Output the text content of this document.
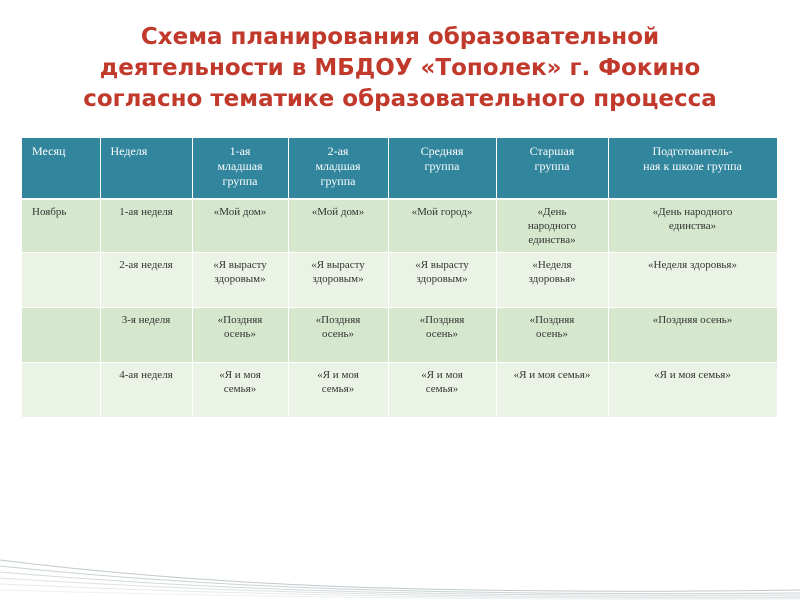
Схема планирования образовательной
деятельности в МБДОУ «Тополек» г. Фокино
согласно тематике образовательного процесса
Месяц	Неделя	1-ая
младшая
группа	2-ая
младшая
группа	Средняя
группа	Старшая
группа	Подготовитель-
ная к школе группа
Ноябрь	1-ая неделя	«Мой дом»	«Мой дом»	«Мой город»	«День
народного
единства»	«День народного
единства»
	2-ая неделя	«Я вырасту
здоровым»	«Я вырасту
здоровым»	«Я вырасту
здоровым»	«Неделя
здоровья»	«Неделя здоровья»
	3-я неделя	«Поздняя
осень»	«Поздняя
осень»	«Поздняя
осень»	«Поздняя
осень»	«Поздняя осень»
	4-ая неделя	«Я и моя
семья»	«Я и моя
семья»	«Я и моя
семья»	«Я и моя семья»	«Я и моя семья»
